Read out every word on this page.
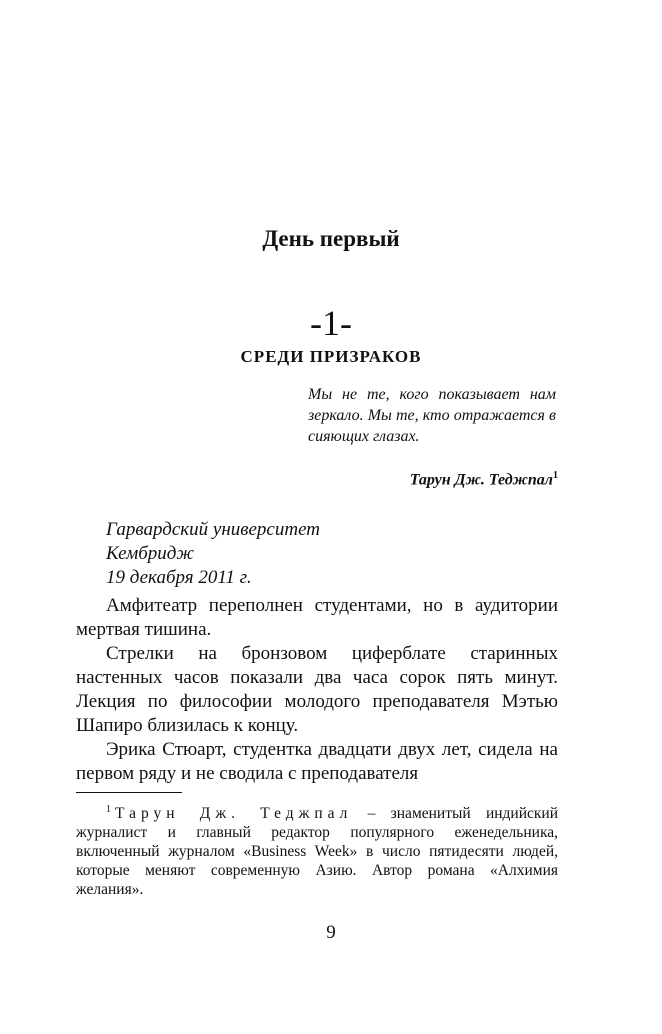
День первый
-1-
СРЕДИ ПРИЗРАКОВ

Мы не те, кого показывает нам зеркало. Мы те, кто отражается в сияющих глазах.

Тарун Дж. Теджпал$^1$
Гарвардский университет
Кембридж
19 декабря 2011 г.

Амфитеатр переполнен студентами, но в аудитории мертвая тишина.

Стрелки на бронзовом циферблате старинных настенных часов показали два часа сорок пять минут. Лекция по философии молодого преподавателя Мэтью Шапиро близилась к концу.

Эрика Стюарт, студентка двадцати двух лет, сидела на первом ряду и не сводила с преподавателя

$^1$ Тарун Дж. Теджпал – знаменитый индийский журналист и главный редактор популярного еженедельника, включенный журналом «Business Week» в число пятидесяти людей, которые меняют современную Азию. Автор романа «Алхимия желания».

9
